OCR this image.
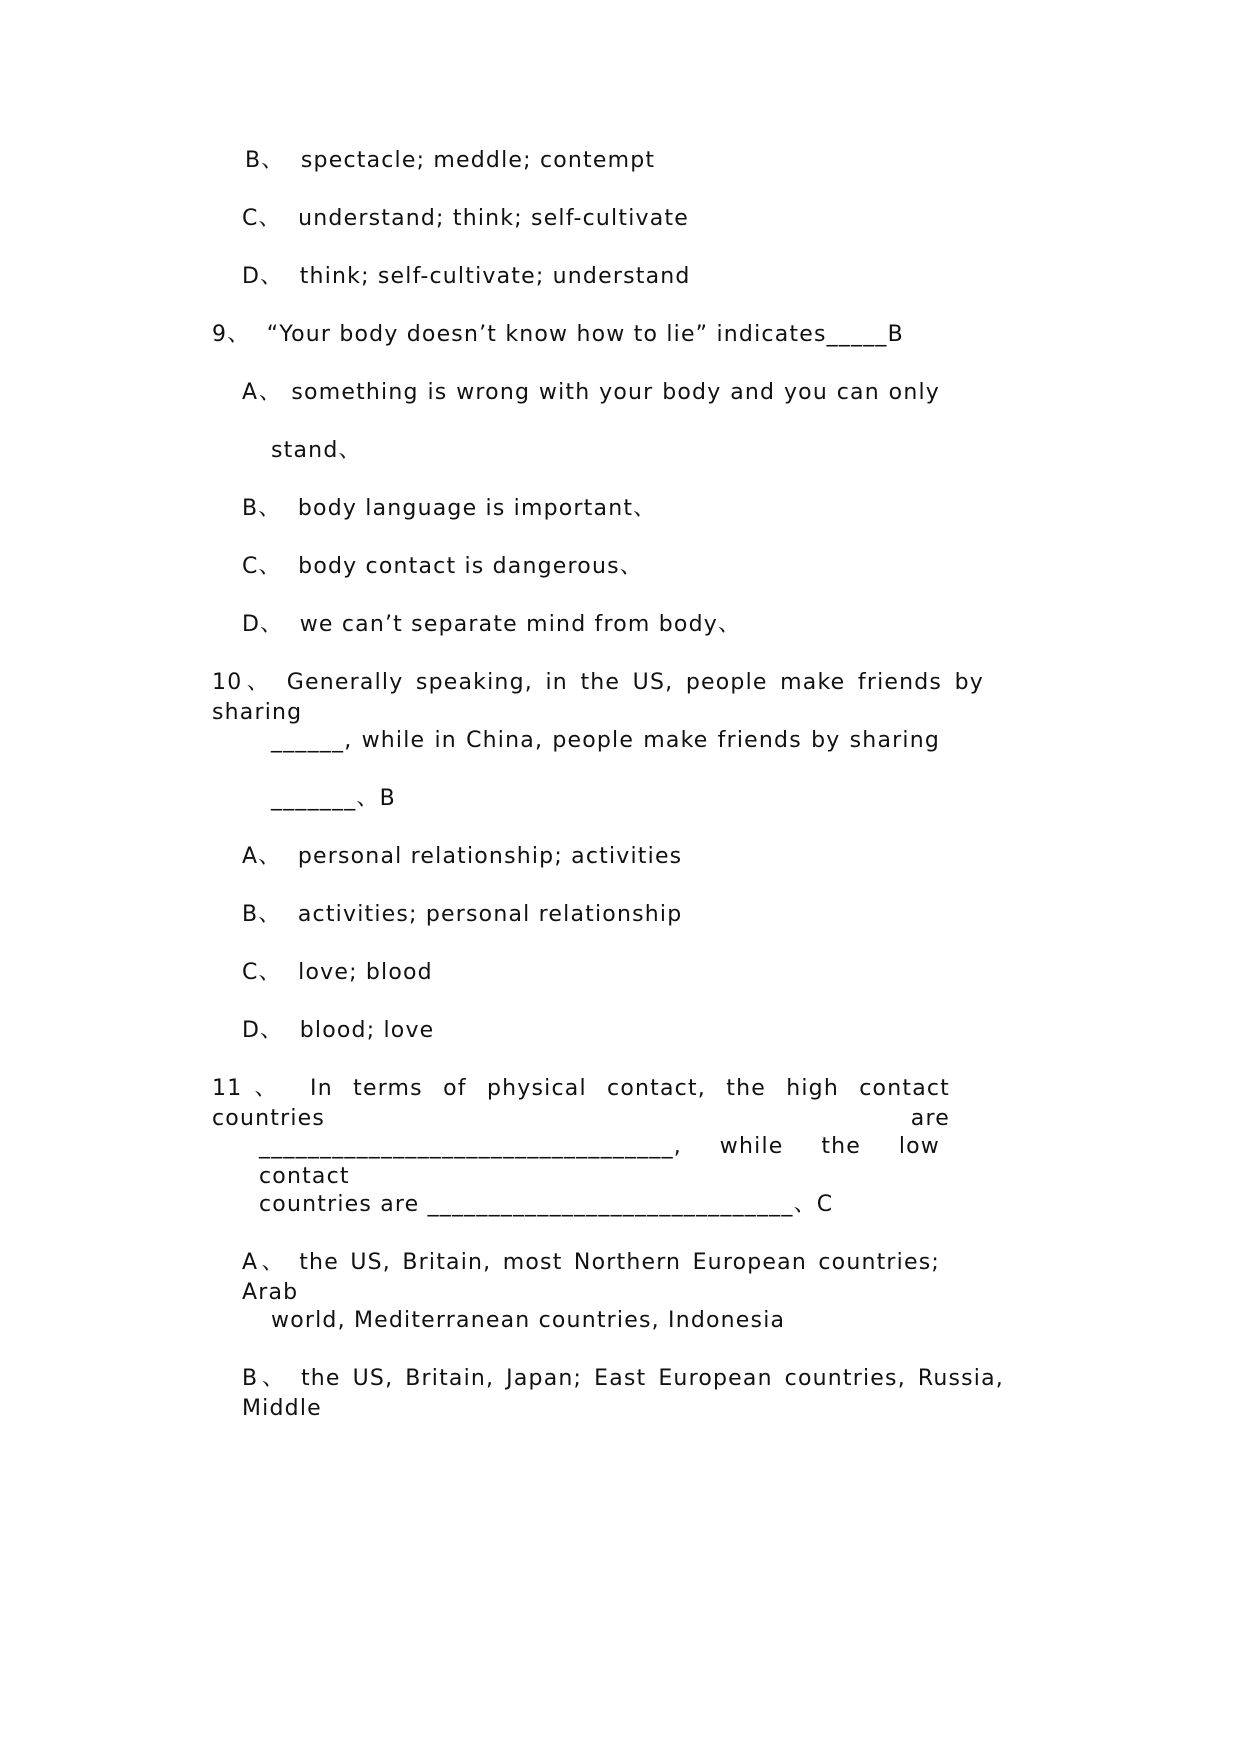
B、  spectacle; meddle; contempt
C、  understand; think; self-cultivate
D、  think; self-cultivate; understand
9、  “Your body doesn’t know how to lie” indicates_____B
A、 something is wrong with your body and you can only
stand、
B、  body language is important、
C、  body contact is dangerous、
D、  we can’t separate mind from body、
10、 Generally speaking, in the US, people make friends by sharing
______, while in China, people make friends by sharing
_______、B
A、  personal relationship; activities
B、  activities; personal relationship
C、  love; blood
D、  blood; love
11、 In terms of physical contact, the high contact countries are
__________________________________, while the low contact
countries are ______________________________、C
A、 the US, Britain, most Northern European countries; Arab
world, Mediterranean countries, Indonesia
B、 the US, Britain, Japan; East European countries, Russia, Middle
